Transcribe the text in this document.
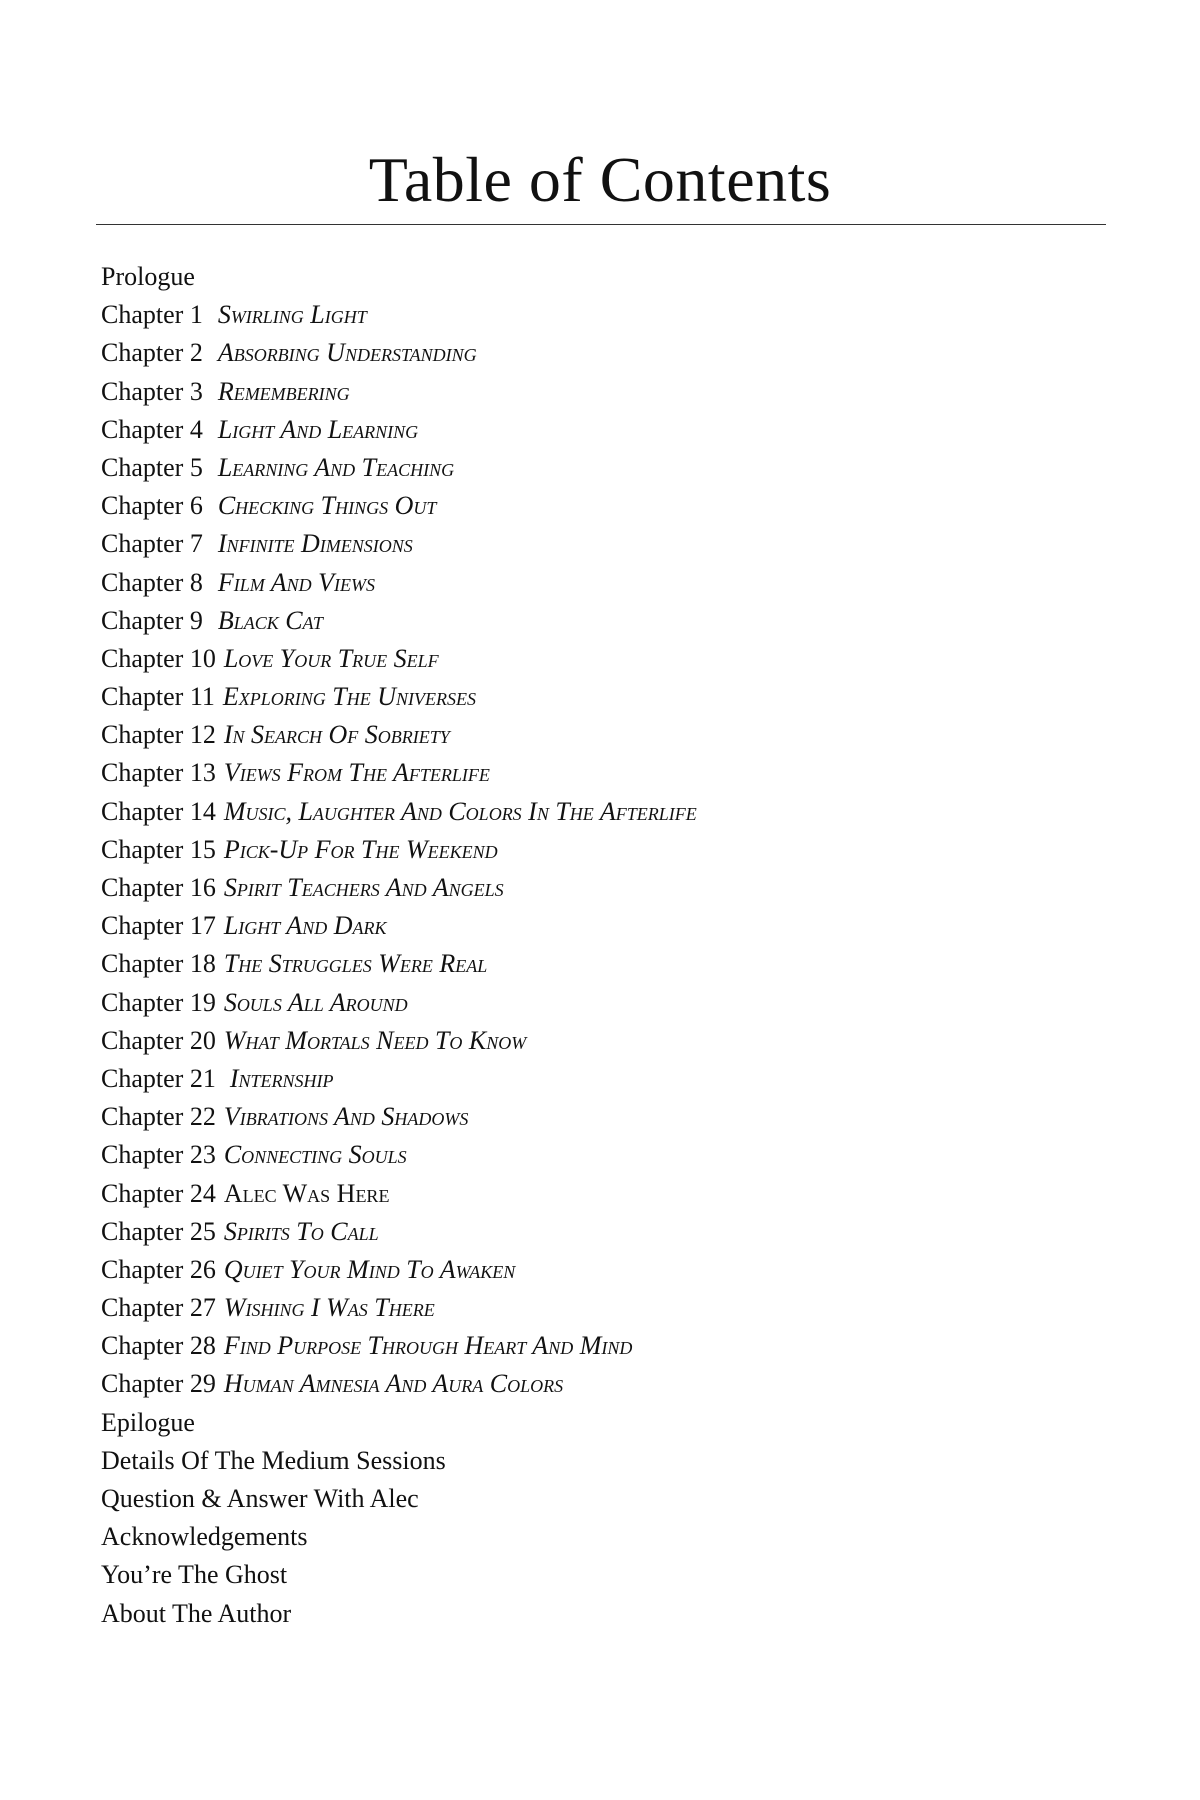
Table of Contents
Prologue
Chapter 1 Swirling Light
Chapter 2 Absorbing Understanding
Chapter 3 Remembering
Chapter 4 Light And Learning
Chapter 5 Learning And Teaching
Chapter 6 Checking Things Out
Chapter 7 Infinite Dimensions
Chapter 8 Film And Views
Chapter 9 Black Cat
Chapter 10 Love Your True Self
Chapter 11 Exploring The Universes
Chapter 12 In Search Of Sobriety
Chapter 13 Views From The Afterlife
Chapter 14 Music, Laughter And Colors In The Afterlife
Chapter 15 Pick-Up For The Weekend
Chapter 16 Spirit Teachers And Angels
Chapter 17 Light And Dark
Chapter 18 The Struggles Were Real
Chapter 19 Souls All Around
Chapter 20 What Mortals Need To Know
Chapter 21 Internship
Chapter 22 Vibrations And Shadows
Chapter 23 Connecting Souls
Chapter 24 Alec Was Here
Chapter 25 Spirits To Call
Chapter 26 Quiet Your Mind To Awaken
Chapter 27 Wishing I Was There
Chapter 28 Find Purpose Through Heart And Mind
Chapter 29 Human Amnesia And Aura Colors
Epilogue
Details Of The Medium Sessions
Question & Answer With Alec
Acknowledgements
You’re The Ghost
About The Author
